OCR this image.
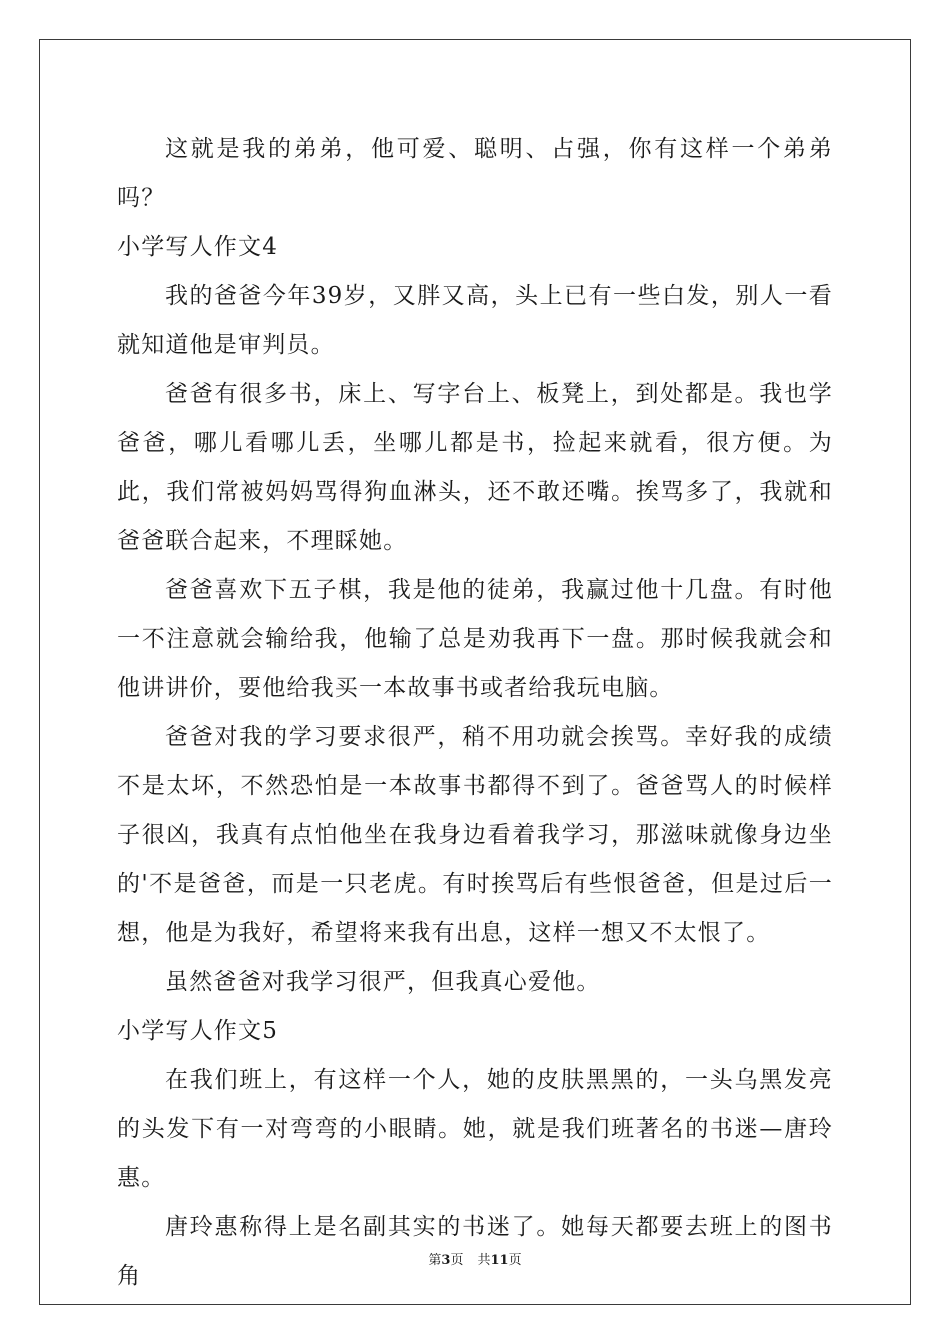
这就是我的弟弟，他可爱、聪明、占强，你有这样一个弟弟吗？

小学写人作文4

我的爸爸今年39岁，又胖又高，头上已有一些白发，别人一看就知道他是审判员。

爸爸有很多书，床上、写字台上、板凳上，到处都是。我也学爸爸，哪儿看哪儿丢，坐哪儿都是书，捡起来就看，很方便。为此，我们常被妈妈骂得狗血淋头，还不敢还嘴。挨骂多了，我就和爸爸联合起来，不理睬她。

爸爸喜欢下五子棋，我是他的徒弟，我赢过他十几盘。有时他一不注意就会输给我，他输了总是劝我再下一盘。那时候我就会和他讲讲价，要他给我买一本故事书或者给我玩电脑。

爸爸对我的学习要求很严，稍不用功就会挨骂。幸好我的成绩不是太坏，不然恐怕是一本故事书都得不到了。爸爸骂人的时候样子很凶，我真有点怕他坐在我身边看着我学习，那滋味就像身边坐的'不是爸爸，而是一只老虎。有时挨骂后有些恨爸爸，但是过后一想，他是为我好，希望将来我有出息，这样一想又不太恨了。

虽然爸爸对我学习很严，但我真心爱他。

小学写人作文5

在我们班上，有这样一个人，她的皮肤黑黑的，一头乌黑发亮的头发下有一对弯弯的小眼睛。她，就是我们班著名的书迷—唐玲惠。

唐玲惠称得上是名副其实的书迷了。她每天都要去班上的图书角

第3页 共11页
